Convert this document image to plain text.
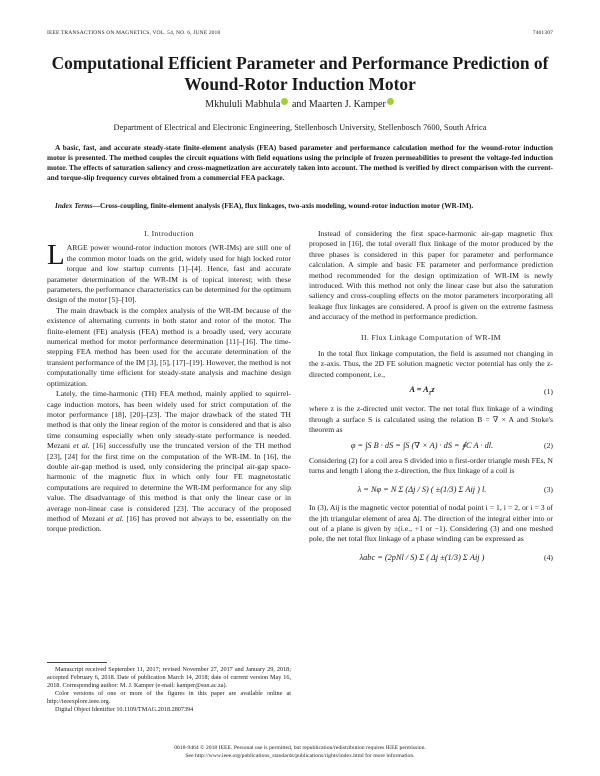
IEEE TRANSACTIONS ON MAGNETICS, VOL. 54, NO. 6, JUNE 2018	7401307
Computational Efficient Parameter and Performance Prediction of Wound-Rotor Induction Motor
Mkhululi Mabhula and Maarten J. Kamper
Department of Electrical and Electronic Engineering, Stellenbosch University, Stellenbosch 7600, South Africa
A basic, fast, and accurate steady-state finite-element analysis (FEA) based parameter and performance calculation method for the wound-rotor induction motor is presented. The method couples the circuit equations with field equations using the principle of frozen permeabilities to present the voltage-fed induction motor. The effects of saturation saliency and cross-magnetization are accurately taken into account. The method is verified by direct comparison with the current- and torque-slip frequency curves obtained from a commercial FEA package.
Index Terms—Cross-coupling, finite-element analysis (FEA), flux linkages, two-axis modeling, wound-rotor induction motor (WR-IM).
I. Introduction

LARGE power wound-rotor induction motors (WR-IMs) are still one of the common motor loads on the grid, widely used for high locked rotor torque and low startup currents [1]–[4]. Hence, fast and accurate parameter determination of the WR-IM is of topical interest; with these parameters, the performance characteristics can be determined for the optimum design of the motor [5]–[10].

The main drawback is the complex analysis of the WR-IM because of the existence of alternating currents in both stator and rotor of the motor. The finite-element (FE) analysis (FEA) method is a broadly used, very accurate numerical method for motor performance determination [11]–[16]. The time-stepping FEA method has been used for the accurate determination of the transient performance of the IM [3], [5], [17]–[19]. However, the method is not computationally time efficient for steady-state analysis and machine design optimization.

Lately, the time-harmonic (TH) FEA method, mainly applied to squirrel-cage induction motors, has been widely used for strict computation of the motor performance [18], [20]–[23]. The major drawback of the stated TH method is that only the linear region of the motor is considered and that is also time consuming especially when only steady-state performance is needed. Mezani et al. [16] successfully use the truncated version of the TH method [23], [24] for the first time on the computation of the WR-IM. In [16], the double air-gap method is used, only considering the principal air-gap space-harmonic of the magnetic flux in which only four FE magnetostatic computations are required to determine the WR-IM performance for any slip value. The disadvantage of this method is that only the linear case or in average non-linear case is considered [23]. The accuracy of the proposed method of Mezani et al. [16] has proved not always to be, essentially on the torque prediction.

Manuscript received September 11, 2017; revised November 27, 2017 and January 29, 2018; accepted February 6, 2018. Date of publication March 14, 2018; date of current version May 16, 2018. Corresponding author: M. J. Kamper (e-mail: kamper@sun.ac.za).
Color versions of one or more of the figures in this paper are available online at http://ieeexplore.ieee.org.
Digital Object Identifier 10.1109/TMAG.2018.2807394

Instead of considering the first space-harmonic air-gap magnetic flux proposed in [16], the total overall flux linkage of the motor produced by the three phases is considered in this paper for parameter and performance calculation. A simple and basic FE parameter and performance prediction method recommended for the design optimization of WR-IM is newly introduced. With this method not only the linear case but also the saturation saliency and cross-coupling effects on the motor parameters incorporating all leakage flux linkages are considered. A proof is given on the extreme fastness and accuracy of the method in performance prediction.

II. Flux Linkage Computation of WR-IM

In the total flux linkage computation, the field is assumed not changing in the z-axis. Thus, the 2D FE solution magnetic vector potential has only the z-directed component, i.e.,

$A = A_zz$	(1)

where z is the z-directed unit vector. The net total flux linkage of a winding through a surface S is calculated using the relation B = ∇ × A and Stoke's theorem as

φ = ∫S B · dS = ∫S (∇ × A) · dS = ∮C A · dl.	(2)

Considering (2) for a coil area S divided into n first-order triangle mesh FEs, N turns and length l along the z-direction, the flux linkage of a coil is

λ = Nφ = N Σ (Δj / S) ( ±(1/3) Σ Aij ) l.	(3)

In (3), Aij is the magnetic vector potential of nodal point i = 1, i = 2, or i = 3 of the jth triangular element of area Δj. The direction of the integral either into or out of a plane is given by ±(i.e., +1 or −1). Considering (3) and one meshed pole, the net total flux linkage of a phase winding can be expressed as

λabc = (2pNl / S) Σ ( Δj ±(1/3) Σ Aij )	(4)
0018-9464 © 2018 IEEE. Personal use is permitted, but republication/redistribution requires IEEE permission.
See http://www.ieee.org/publications_standards/publications/rights/index.html for more information.
